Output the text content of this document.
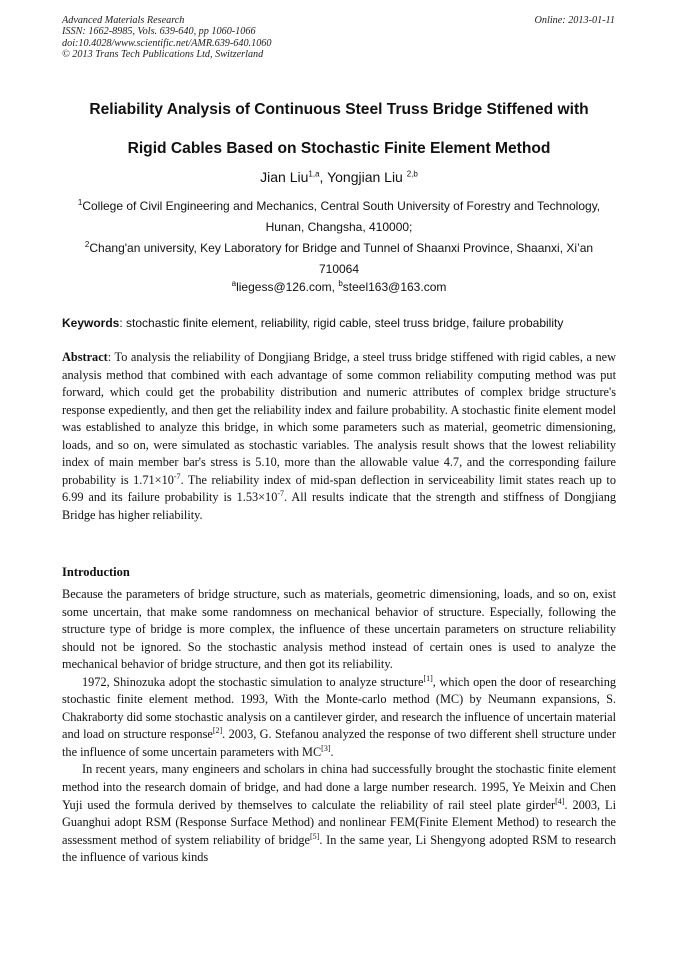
Advanced Materials Research
ISSN: 1662-8985, Vols. 639-640, pp 1060-1066
doi:10.4028/www.scientific.net/AMR.639-640.1060
© 2013 Trans Tech Publications Ltd, Switzerland
Online: 2013-01-11
Reliability Analysis of Continuous Steel Truss Bridge Stiffened with
Rigid Cables Based on Stochastic Finite Element Method
Jian Liu$^{1,a}$, Yongjian Liu $^{2,b}$
$^1$College of Civil Engineering and Mechanics, Central South University of Forestry and Technology,
Hunan, Changsha, 410000;
$^2$Chang'an university, Key Laboratory for Bridge and Tunnel of Shaanxi Province, Shaanxi, Xi’an
710064
$^a$liegess@126.com, $^b$steel163@163.com
Keywords: stochastic finite element, reliability, rigid cable, steel truss bridge, failure probability
Abstract: To analysis the reliability of Dongjiang Bridge, a steel truss bridge stiffened with rigid cables, a new analysis method that combined with each advantage of some common reliability computing method was put forward, which could get the probability distribution and numeric attributes of complex bridge structure's response expediently, and then get the reliability index and failure probability. A stochastic finite element model was established to analyze this bridge, in which some parameters such as material, geometric dimensioning, loads, and so on, were simulated as stochastic variables. The analysis result shows that the lowest reliability index of main member bar's stress is 5.10, more than the allowable value 4.7, and the corresponding failure probability is $1.71\times 10^{-7}$. The reliability index of mid-span deflection in serviceability limit states reach up to 6.99 and its failure probability is $1.53\times 10^{-7}$. All results indicate that the strength and stiffness of Dongjiang Bridge has higher reliability.
Introduction

Because the parameters of bridge structure, such as materials, geometric dimensioning, loads, and so on, exist some uncertain, that make some randomness on mechanical behavior of structure. Especially, following the structure type of bridge is more complex, the influence of these uncertain parameters on structure reliability should not be ignored. So the stochastic analysis method instead of certain ones is used to analyze the mechanical behavior of bridge structure, and then got its reliability.

1972, Shinozuka adopt the stochastic simulation to analyze structure[1], which open the door of researching stochastic finite element method. 1993, With the Monte-carlo method (MC) by Neumann expansions, S. Chakraborty did some stochastic analysis on a cantilever girder, and research the influence of uncertain material and load on structure response[2]. 2003, G. Stefanou analyzed the response of two different shell structure under the influence of some uncertain parameters with MC[3].

In recent years, many engineers and scholars in china had successfully brought the stochastic finite element method into the research domain of bridge, and had done a large number research. 1995, Ye Meixin and Chen Yuji used the formula derived by themselves to calculate the reliability of rail steel plate girder[4]. 2003, Li Guanghui adopt RSM (Response Surface Method) and nonlinear FEM(Finite Element Method) to research the assessment method of system reliability of bridge[5]. In the same year, Li Shengyong adopted RSM to research the influence of various kinds
